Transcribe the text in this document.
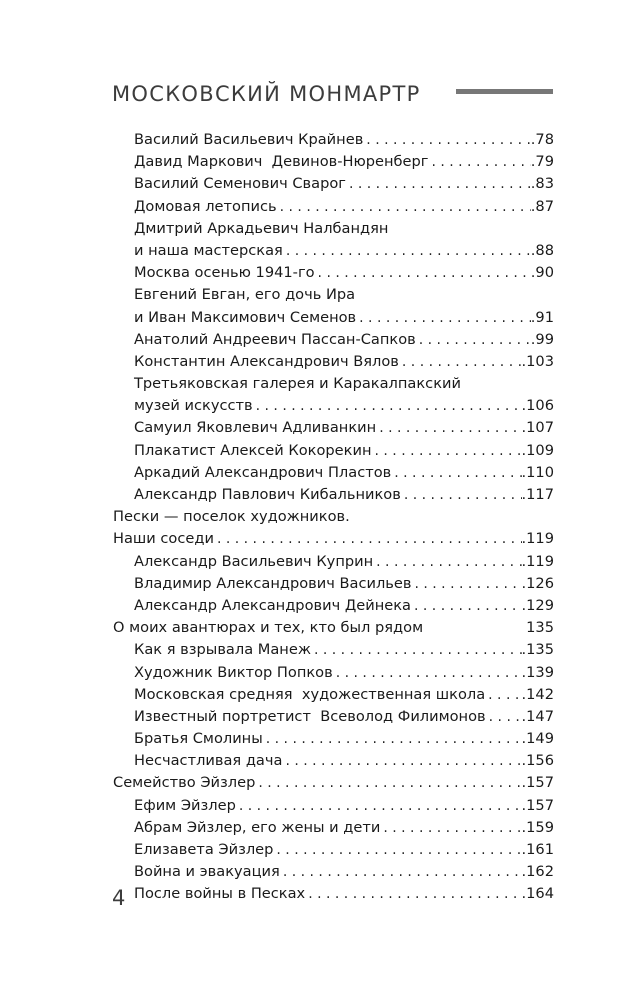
МОСКОВСКИЙ МОНМАРТР
Василий Васильевич Крайнев . . .	.78
Давид Маркович  Девинов-Нюренберг . . .	.79
Василий Семенович Сварог . . .	.83
Домовая летопись . . .	.87
Дмитрий Аркадьевич Налбандян
и наша мастерская . . .	.88
Москва осенью 1941-го . . .	.90
Евгений Евган, его дочь Ира
и Иван Максимович Семенов . . .	.91
Анатолий Андреевич Пассан-Сапков . . .	.99
Константин Александрович Вялов . . .	.103
Третьяковская галерея и Каракалпакский
музей искусств . . .	.106
Самуил Яковлевич Адливанкин . . .	.107
Плакатист Алексей Кокорекин . . .	.109
Аркадий Александрович Пластов . . .	.110
Александр Павлович Кибальников . . .	.117
Пески — поселок художников.
Наши соседи . . .	.119
Александр Васильевич Куприн . . .	.119
Владимир Александрович Васильев . . .	.126
Александр Александрович Дейнека . . .	.129
О моих авантюрах и тех, кто был рядом	135
Как я взрывала Манеж . . .	.135
Художник Виктор Попков . . .	.139
Московская средняя  художественная школа . . . .142
Известный портретист  Всеволод Филимонов . . . .147
Братья Смолины . . .	.149
Несчастливая дача . . .	.156
Семейство Эйзлер . . .	.157
Ефим Эйзлер . . .	.157
Абрам Эйзлер, его жены и дети . . .	.159
Елизавета Эйзлер . . .	.161
Война и эвакуация . . .	.162
После войны в Песках . . .	.164
4
